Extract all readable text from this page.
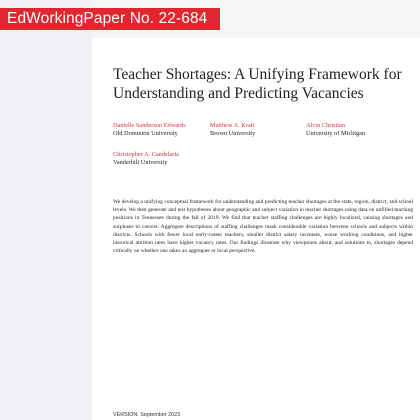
EdWorkingPaper No. 22-684
Teacher Shortages: A Unifying Framework for
Understanding and Predicting Vacancies
Danielle Sanderson Edwards
Old Dominion University
Matthew A. Kraft
Brown University
Alvin Christian
University of Michigan
Christopher A. Candelaria
Vanderbilt University

We develop a unifying conceptual framework for understanding and predicting teacher shortages at the state, region, district, and school levels. We then generate and test hypotheses about geographic and subject variation in teacher shortages using data on unfilled teaching positions in Tennessee during the fall of 2019. We find that teacher staffing challenges are highly localized, causing shortages and surpluses to coexist. Aggregate descriptions of staffing challenges mask considerable variation between schools and subjects within districts. Schools with fewer local early-career teachers, smaller district salary increases, worse working conditions, and higher historical attrition rates have higher vacancy rates. Our findings illustrate why viewpoints about, and solutions to, shortages depend critically on whether one takes an aggregate or local perspective.

VERSION: September 2023
